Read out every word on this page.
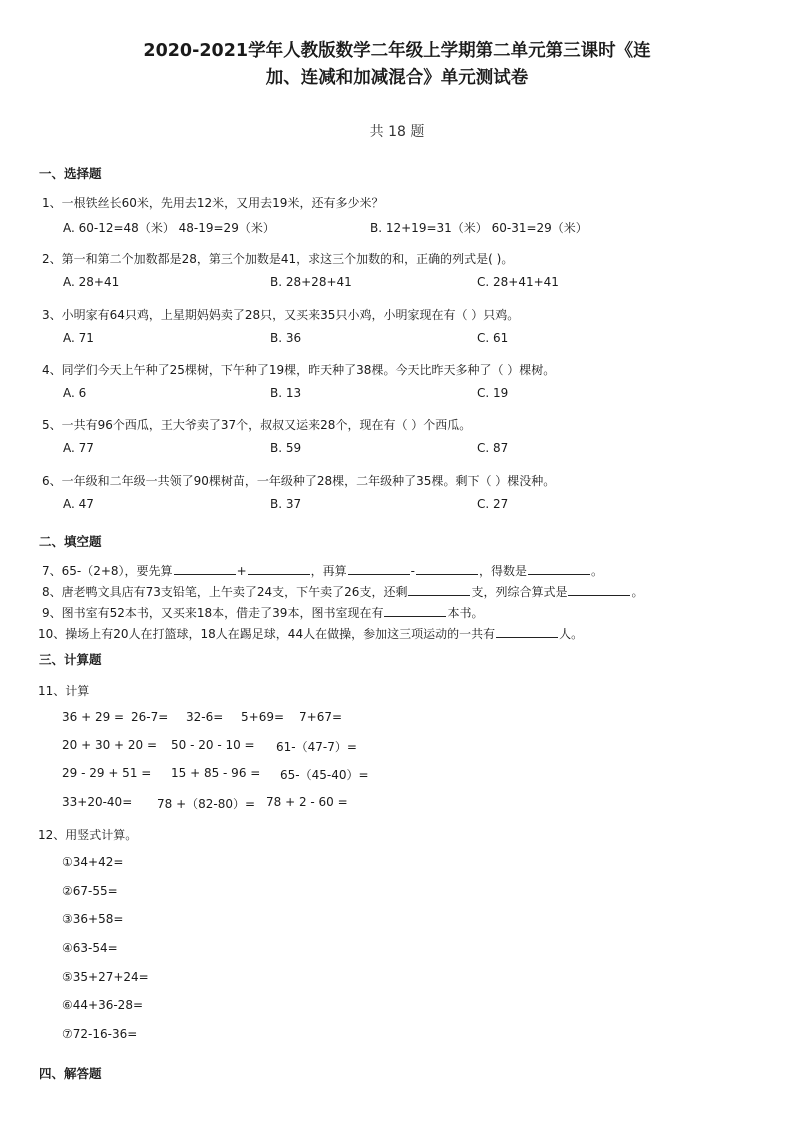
2020-2021学年人教版数学二年级上学期第二单元第三课时《连
加、连减和加减混合》单元测试卷
共 18 题
一、选择题
1、一根铁丝长60米，先用去12米，又用去19米，还有多少米？
A. 60-12=48（米） 48-19=29（米）	B. 12+19=31（米） 60-31=29（米）
2、第一和第二个加数都是28，第三个加数是41，求这三个加数的和，正确的列式是( )。
A. 28+41	B. 28+28+41	C. 28+41+41
3、小明家有64只鸡，上星期妈妈卖了28只，又买来35只小鸡，小明家现在有（ ）只鸡。
A. 71	B. 36	C. 61
4、同学们今天上午种了25棵树，下午种了19棵，昨天种了38棵。今天比昨天多种了（ ）棵树。
A. 6	B. 13	C. 19
5、一共有96个西瓜，王大爷卖了37个，叔叔又运来28个，现在有（ ）个西瓜。
A. 77	B. 59	C. 87
6、一年级和二年级一共领了90棵树苗，一年级种了28棵，二年级种了35棵。剩下（ ）棵没种。
A. 47	B. 37	C. 27
二、填空题
7、65-（2+8），要先算	+	，再算	-	，得数是	。
8、唐老鸭文具店有73支铅笔，上午卖了24支，下午卖了26支，还剩	支，列综合算式是	。
9、图书室有52本书，又买来18本，借走了39本，图书室现在有	本书。
10、操场上有20人在打篮球，18人在踢足球，44人在做操，参加这三项运动的一共有	人。
三、计算题
11、计算
36 + 29 = 26-7= 32-6= 5+69= 7+67=
20 + 30 + 20 = 50 - 20 - 10 = 61-（47-7）=
29 - 29 + 51 = 15 + 85 - 96 = 65-（45-40）=
33+20-40= 78 +（82-80）= 78 + 2 - 60 =
12、用竖式计算。
①34+42=
②67-55=
③36+58=
④63-54=
⑤35+27+24=
⑥44+36-28=
⑦72-16-36=
四、解答题
